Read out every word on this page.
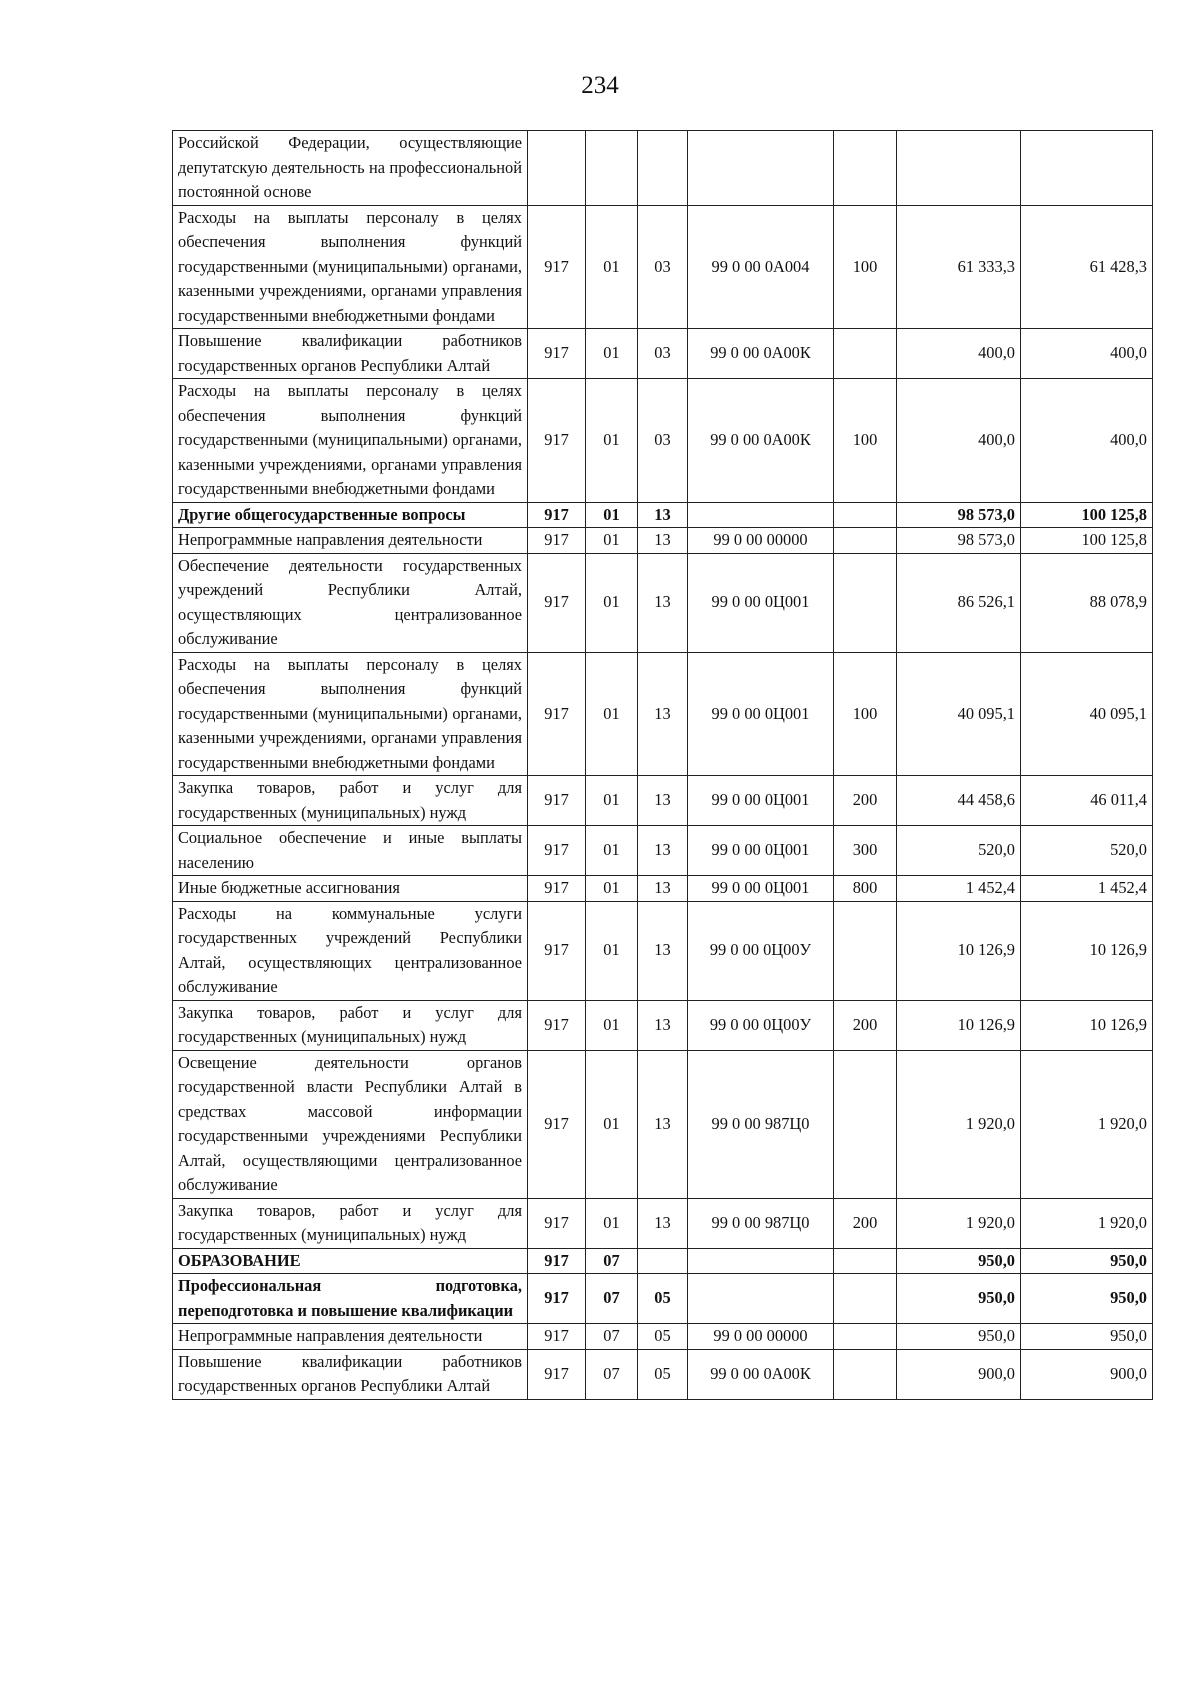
234
Российской Федерации, осуществляющие депутатскую деятельность на профессиональной постоянной основе							
Расходы на выплаты персоналу в целях обеспечения выполнения функций государственными (муниципальными) органами, казенными учреждениями, органами управления государственными внебюджетными фондами	917	01	03	99 0 00 0А004	100	61 333,3	61 428,3
Повышение квалификации работников государственных органов Республики Алтай	917	01	03	99 0 00 0А00К		400,0	400,0
Расходы на выплаты персоналу в целях обеспечения выполнения функций государственными (муниципальными) органами, казенными учреждениями, органами управления государственными внебюджетными фондами	917	01	03	99 0 00 0А00К	100	400,0	400,0
Другие общегосударственные вопросы	917	01	13			98 573,0	100 125,8
Непрограммные направления деятельности	917	01	13	99 0 00 00000		98 573,0	100 125,8
Обеспечение деятельности государственных учреждений Республики Алтай, осуществляющих централизованное обслуживание	917	01	13	99 0 00 0Ц001		86 526,1	88 078,9
Расходы на выплаты персоналу в целях обеспечения выполнения функций государственными (муниципальными) органами, казенными учреждениями, органами управления государственными внебюджетными фондами	917	01	13	99 0 00 0Ц001	100	40 095,1	40 095,1
Закупка товаров, работ и услуг для государственных (муниципальных) нужд	917	01	13	99 0 00 0Ц001	200	44 458,6	46 011,4
Социальное обеспечение и иные выплаты населению	917	01	13	99 0 00 0Ц001	300	520,0	520,0
Иные бюджетные ассигнования	917	01	13	99 0 00 0Ц001	800	1 452,4	1 452,4
Расходы на коммунальные услуги государственных учреждений Республики Алтай, осуществляющих централизованное обслуживание	917	01	13	99 0 00 0Ц00У		10 126,9	10 126,9
Закупка товаров, работ и услуг для государственных (муниципальных) нужд	917	01	13	99 0 00 0Ц00У	200	10 126,9	10 126,9
Освещение деятельности органов государственной власти Республики Алтай в средствах массовой информации государственными учреждениями Республики Алтай, осуществляющими централизованное обслуживание	917	01	13	99 0 00 987Ц0		1 920,0	1 920,0
Закупка товаров, работ и услуг для государственных (муниципальных) нужд	917	01	13	99 0 00 987Ц0	200	1 920,0	1 920,0
ОБРАЗОВАНИЕ	917	07				950,0	950,0
Профессиональная подготовка, переподготовка и повышение квалификации	917	07	05			950,0	950,0
Непрограммные направления деятельности	917	07	05	99 0 00 00000		950,0	950,0
Повышение квалификации работников государственных органов Республики Алтай	917	07	05	99 0 00 0А00К		900,0	900,0
